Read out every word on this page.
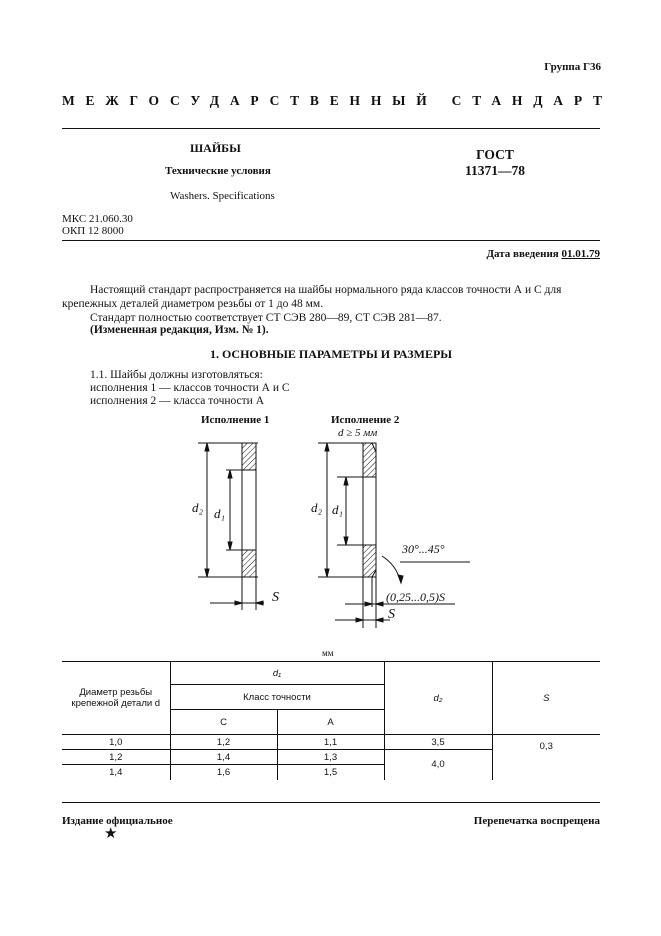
Группа Г36
МЕЖГОСУДАРСТВЕННЫЙ СТАНДАРТ
ШАЙБЫ	ГОСТ
11371—78
Технические условия
Washers. Specifications
МКС 21.060.30
ОКП 12 8000
Дата введения 01.01.79
Настоящий стандарт распространяется на шайбы нормального ряда классов точности А и С для крепежных деталей диаметром резьбы от 1 до 48 мм.
Стандарт полностью соответствует СТ СЭВ 280—89, СТ СЭВ 281—87.
(Измененная редакция, Изм. № 1).
1. ОСНОВНЫЕ ПАРАМЕТРЫ И РАЗМЕРЫ
1.1. Шайбы должны изготовляться:
исполнения 1 — классов точности А и С
исполнения 2 — класса точности А
Исполнение 1	Исполнение 2
d ≥ 5 мм
d₂ d₁
S
d₂ d₁
30°...45°
(0,25...0,5)S
S
мм
Диаметр резьбы крепежной детали d	d₁		d₂	S
	Класс точности			
	С	А		
1,0	1,2	1,1	3,5	0,3
1,2	1,4	1,3	4,0	
1,4	1,6	1,5		
Издание официальное
★
Перепечатка воспрещена
